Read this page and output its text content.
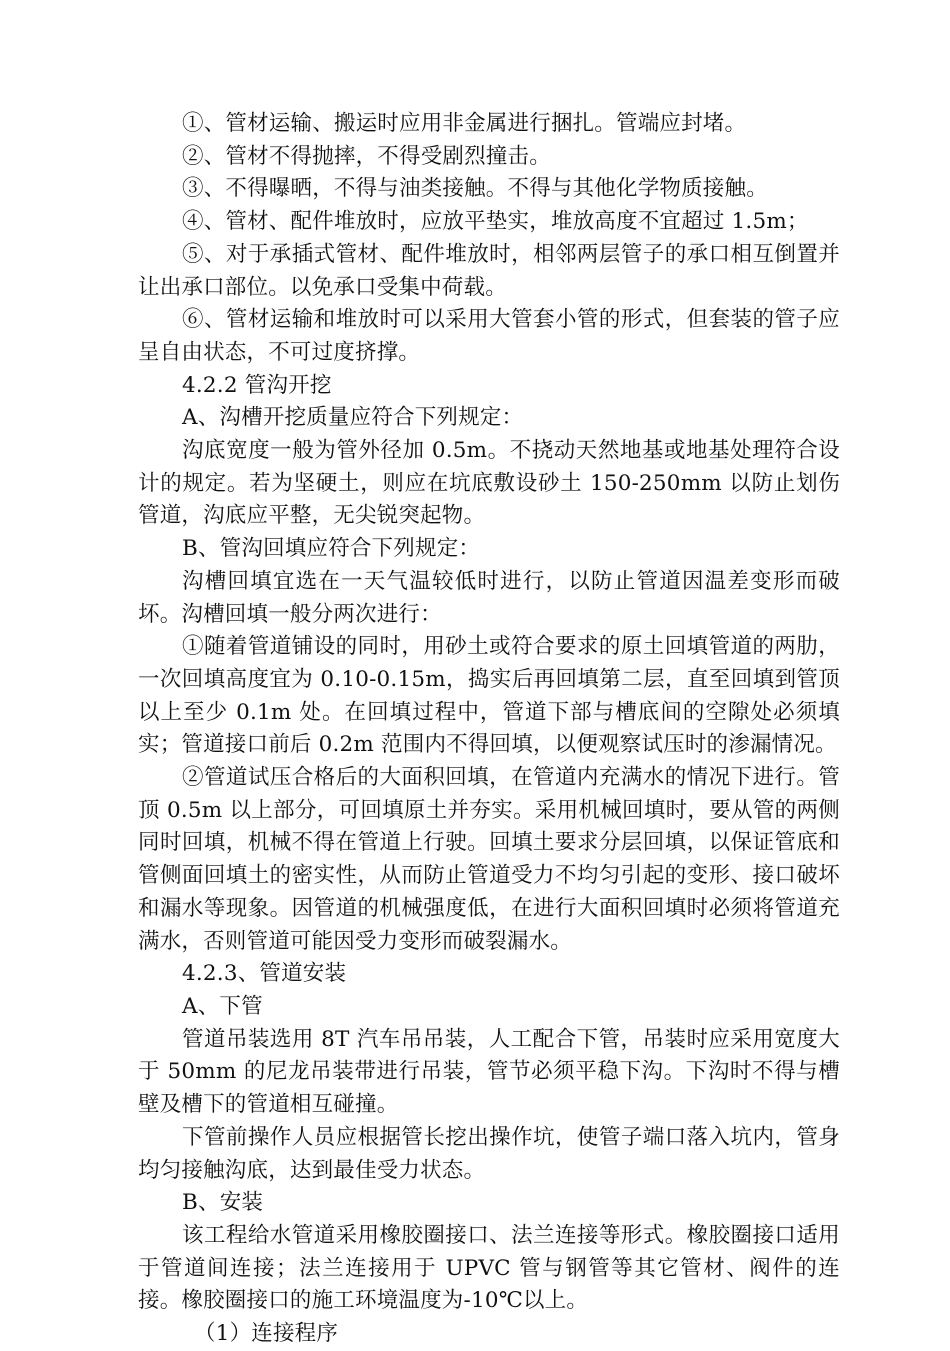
①、管材运输、搬运时应用非金属进行捆扎。管端应封堵。

②、管材不得抛摔，不得受剧烈撞击。

③、不得曝晒，不得与油类接触。不得与其他化学物质接触。

④、管材、配件堆放时，应放平垫实，堆放高度不宜超过 1.5m；

⑤、对于承插式管材、配件堆放时，相邻两层管子的承口相互倒置并让出承口部位。以免承口受集中荷载。

⑥、管材运输和堆放时可以采用大管套小管的形式，但套装的管子应呈自由状态，不可过度挤撑。

4.2.2 管沟开挖

A、沟槽开挖质量应符合下列规定：

沟底宽度一般为管外径加 0.5m。不挠动天然地基或地基处理符合设计的规定。若为坚硬土，则应在坑底敷设砂土 150-250mm 以防止划伤管道，沟底应平整，无尖锐突起物。

B、管沟回填应符合下列规定：

沟槽回填宜选在一天气温较低时进行，以防止管道因温差变形而破坏。沟槽回填一般分两次进行：

①随着管道铺设的同时，用砂土或符合要求的原土回填管道的两肋，一次回填高度宜为 0.10-0.15m，捣实后再回填第二层，直至回填到管顶以上至少 0.1m 处。在回填过程中，管道下部与槽底间的空隙处必须填实；管道接口前后 0.2m 范围内不得回填，以便观察试压时的渗漏情况。

②管道试压合格后的大面积回填，在管道内充满水的情况下进行。管顶 0.5m 以上部分，可回填原土并夯实。采用机械回填时，要从管的两侧同时回填，机械不得在管道上行驶。回填土要求分层回填，以保证管底和管侧面回填土的密实性，从而防止管道受力不均匀引起的变形、接口破坏和漏水等现象。因管道的机械强度低，在进行大面积回填时必须将管道充满水，否则管道可能因受力变形而破裂漏水。

4.2.3、管道安装

A、下管

管道吊装选用 8T 汽车吊吊装，人工配合下管，吊装时应采用宽度大于 50mm 的尼龙吊装带进行吊装，管节必须平稳下沟。下沟时不得与槽壁及槽下的管道相互碰撞。

下管前操作人员应根据管长挖出操作坑，使管子端口落入坑内，管身均匀接触沟底，达到最佳受力状态。

B、安装

该工程给水管道采用橡胶圈接口、法兰连接等形式。橡胶圈接口适用于管道间连接；法兰连接用于 UPVC 管与钢管等其它管材、阀件的连接。橡胶圈接口的施工环境温度为-10℃以上。

（1）连接程序
